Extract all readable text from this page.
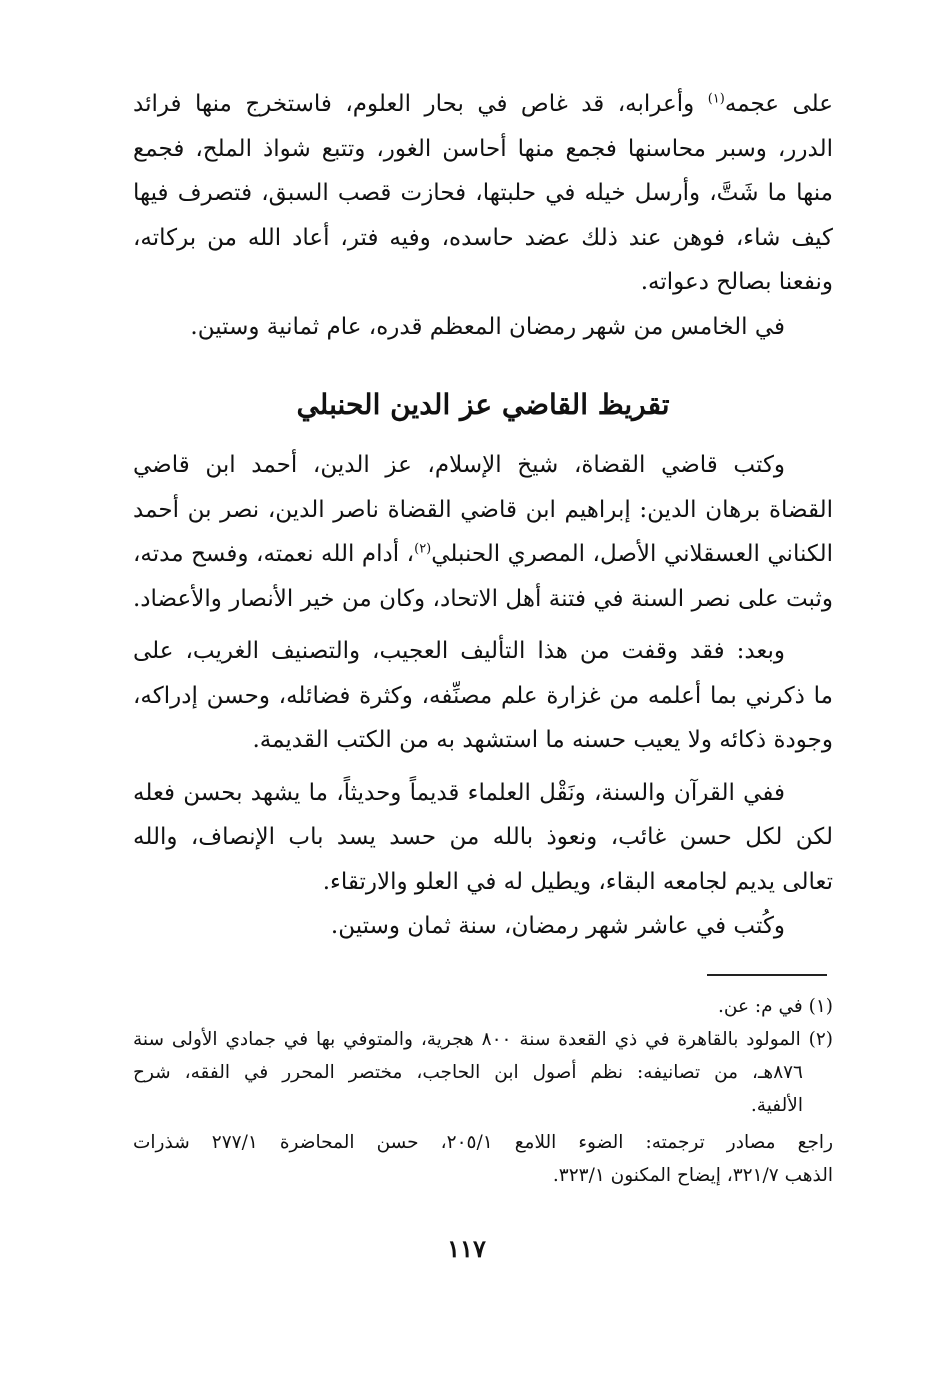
على عجمه$^{(١)}$ وأعرابه، قد غاص في بحار العلوم، فاستخرج منها فرائد
الدرر، وسبر محاسنها فجمع منها أحاسن الغور، وتتبع شواذ الملح، فجمع
منها ما شَتَّ، وأرسل خيله في حلبتها، فحازت قصب السبق، فتصرف فيها
كيف شاء، فوهن عند ذلك عضد حاسده، وفيه فتر، أعاد الله من بركاته،
ونفعنا بصالح دعواته.

في الخامس من شهر رمضان المعظم قدره، عام ثمانية وستين.

تقريظ القاضي عز الدين الحنبلي

وكتب قاضي القضاة، شيخ الإسلام، عز الدين، أحمد ابن قاضي
القضاة برهان الدين: إبراهيم ابن قاضي القضاة ناصر الدين، نصر بن أحمد
الكناني العسقلاني الأصل، المصري الحنبلي$^{(٢)}$، أدام الله نعمته، وفسح مدته،
وثبت على نصر السنة في فتنة أهل الاتحاد، وكان من خير الأنصار والأعضاد.

وبعد: فقد وقفت من هذا التأليف العجيب، والتصنيف الغريب، على
ما ذكرني بما أعلمه من غزارة علم مصنِّفه، وكثرة فضائله، وحسن إدراكه،
وجودة ذكائه ولا يعيب حسنه ما استشهد به من الكتب القديمة.

ففي القرآن والسنة، ونَقْل العلماء قديماً وحديثاً، ما يشهد بحسن فعله
لكن لكل حسن غائب، ونعوذ بالله من حسد يسد باب الإنصاف، والله
تعالى يديم لجامعه البقاء، ويطيل له في العلو والارتقاء.

وكُتب في عاشر شهر رمضان، سنة ثمان وستين.

(١) في م: عن.

(٢) المولود بالقاهرة في ذي القعدة سنة ٨٠٠ هجرية، والمتوفي بها في جمادي الأولى سنة
٨٧٦هـ، من تصانيفه: نظم أصول ابن الحاجب، مختصر المحرر في الفقه، شرح
الألفية.

راجع مصادر ترجمته: الضوء اللامع ٢٠٥/١، حسن المحاضرة ٢٧٧/١ شذرات
الذهب ٣٢١/٧، إيضاح المكنون ٣٢٣/١.

١١٧
